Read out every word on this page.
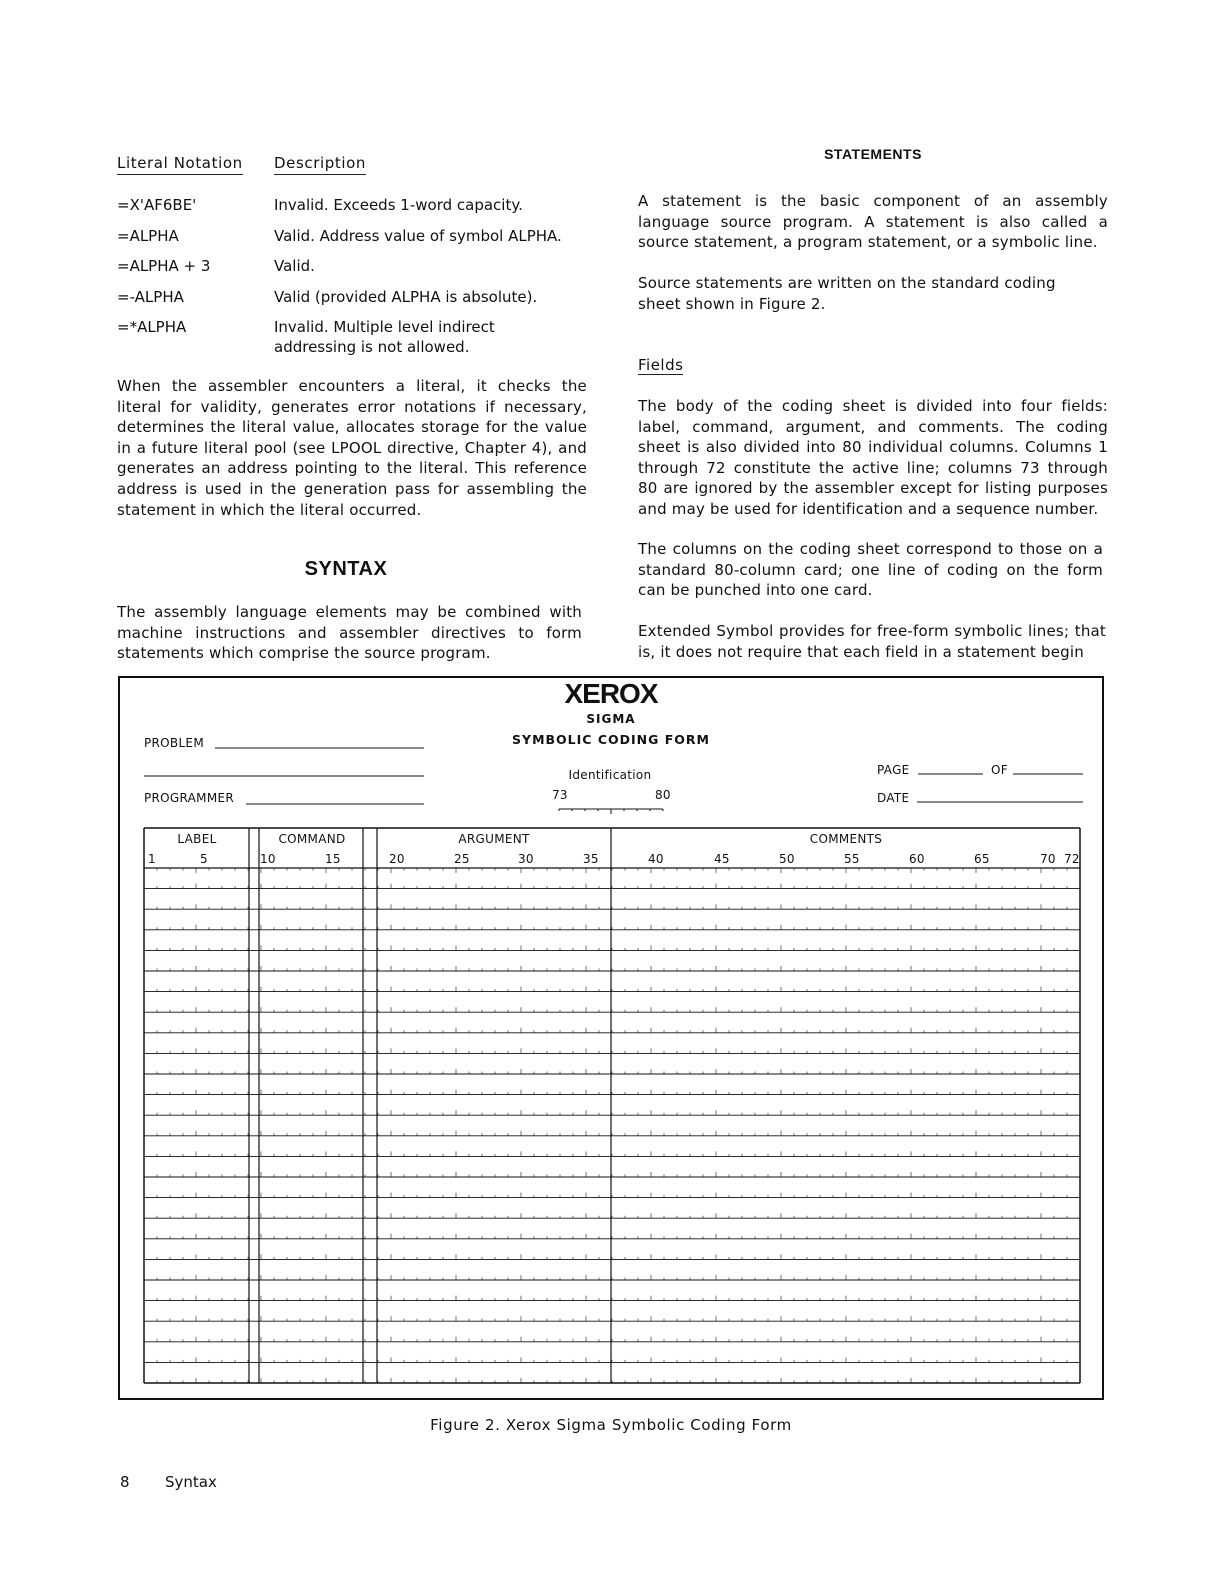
Literal Notation Description
=X'AF6BE'	Invalid. Exceeds 1-word capacity.
=ALPHA	Valid. Address value of symbol ALPHA.
=ALPHA + 3	Valid.
=-ALPHA	Valid (provided ALPHA is absolute).
=*ALPHA	Invalid. Multiple level indirect addressing is not allowed.
When the assembler encounters a literal, it checks the literal for validity, generates error notations if necessary, determines the literal value, allocates storage for the value in a future literal pool (see LPOOL directive, Chapter 4), and generates an address pointing to the literal. This reference address is used in the generation pass for assembling the statement in which the literal occurred.
SYNTAX
The assembly language elements may be combined with machine instructions and assembler directives to form statements which comprise the source program.
STATEMENTS
A statement is the basic component of an assembly language source program. A statement is also called a source statement, a program statement, or a symbolic line.
Source statements are written on the standard coding sheet shown in Figure 2.
Fields
The body of the coding sheet is divided into four fields: label, command, argument, and comments. The coding sheet is also divided into 80 individual columns. Columns 1 through 72 constitute the active line; columns 73 through 80 are ignored by the assembler except for listing purposes and may be used for identification and a sequence number.
The columns on the coding sheet correspond to those on a standard 80-column card; one line of coding on the form can be punched into one card.
Extended Symbol provides for free-form symbolic lines; that is, it does not require that each field in a statement begin
XEROX
SIGMA
SYMBOLIC CODING FORM
PROBLEM
PROGRAMMER
Identification
73	80
PAGE	OF
DATE
LABEL	COMMAND	ARGUMENT	COMMENTS
1	5	10	15	20	25	30	35	40	45	50	55	60	65	70 72
Figure 2. Xerox Sigma Symbolic Coding Form
8 Syntax
